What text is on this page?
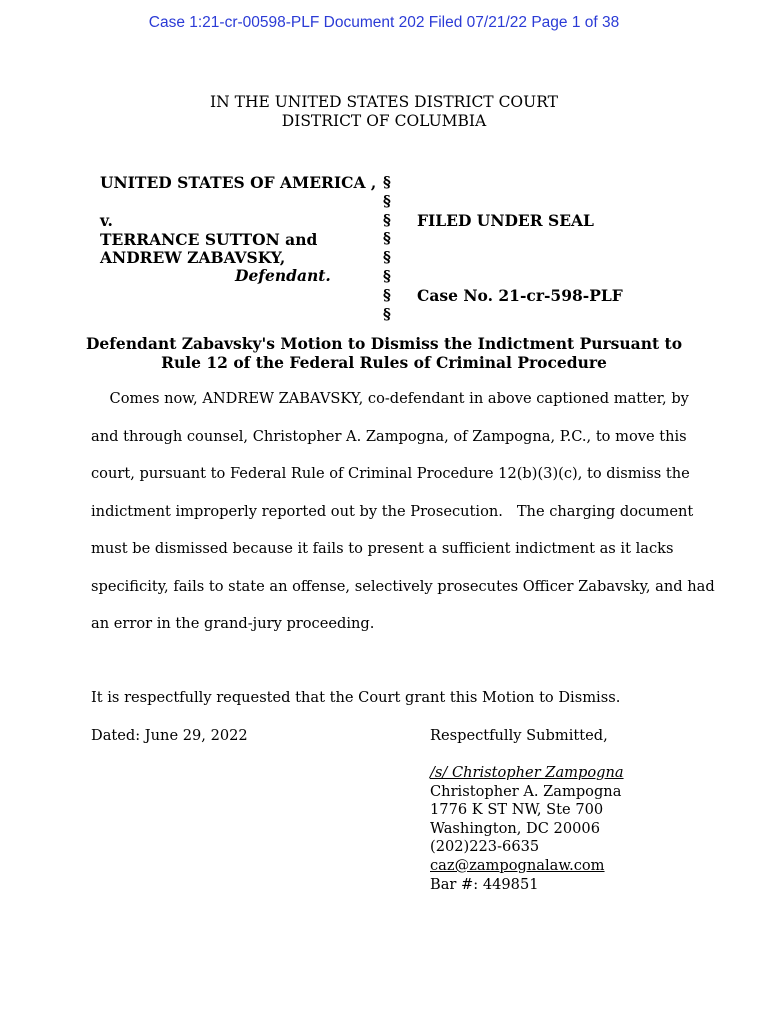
Case 1:21-cr-00598-PLF Document 202 Filed 07/21/22 Page 1 of 38
IN THE UNITED STATES DISTRICT COURT
DISTRICT OF COLUMBIA
UNITED STATES OF AMERICA ,
v.
TERRANCE SUTTON and
ANDREW ZABAVSKY,
Defendant.
§
§
§
§
§
§
§
§
FILED UNDER SEAL
Case No. 21-cr-598-PLF
Defendant Zabavsky's Motion to Dismiss the Indictment Pursuant to
Rule 12 of the Federal Rules of Criminal Procedure
Comes now, ANDREW ZABAVSKY, co-defendant in above captioned matter, by
and through counsel, Christopher A. Zampogna, of Zampogna, P.C., to move this
court, pursuant to Federal Rule of Criminal Procedure 12(b)(3)(c), to dismiss the
indictment improperly reported out by the Prosecution.   The charging document
must be dismissed because it fails to present a sufficient indictment as it lacks
specificity, fails to state an offense, selectively prosecutes Officer Zabavsky, and had
an error in the grand-jury proceeding.
It is respectfully requested that the Court grant this Motion to Dismiss.
Dated: June 29, 2022	Respectfully Submitted,
/s/ Christopher Zampogna
Christopher A. Zampogna
1776 K ST NW, Ste 700
Washington, DC 20006
(202)223-6635
caz@zampognalaw.com
Bar #: 449851
